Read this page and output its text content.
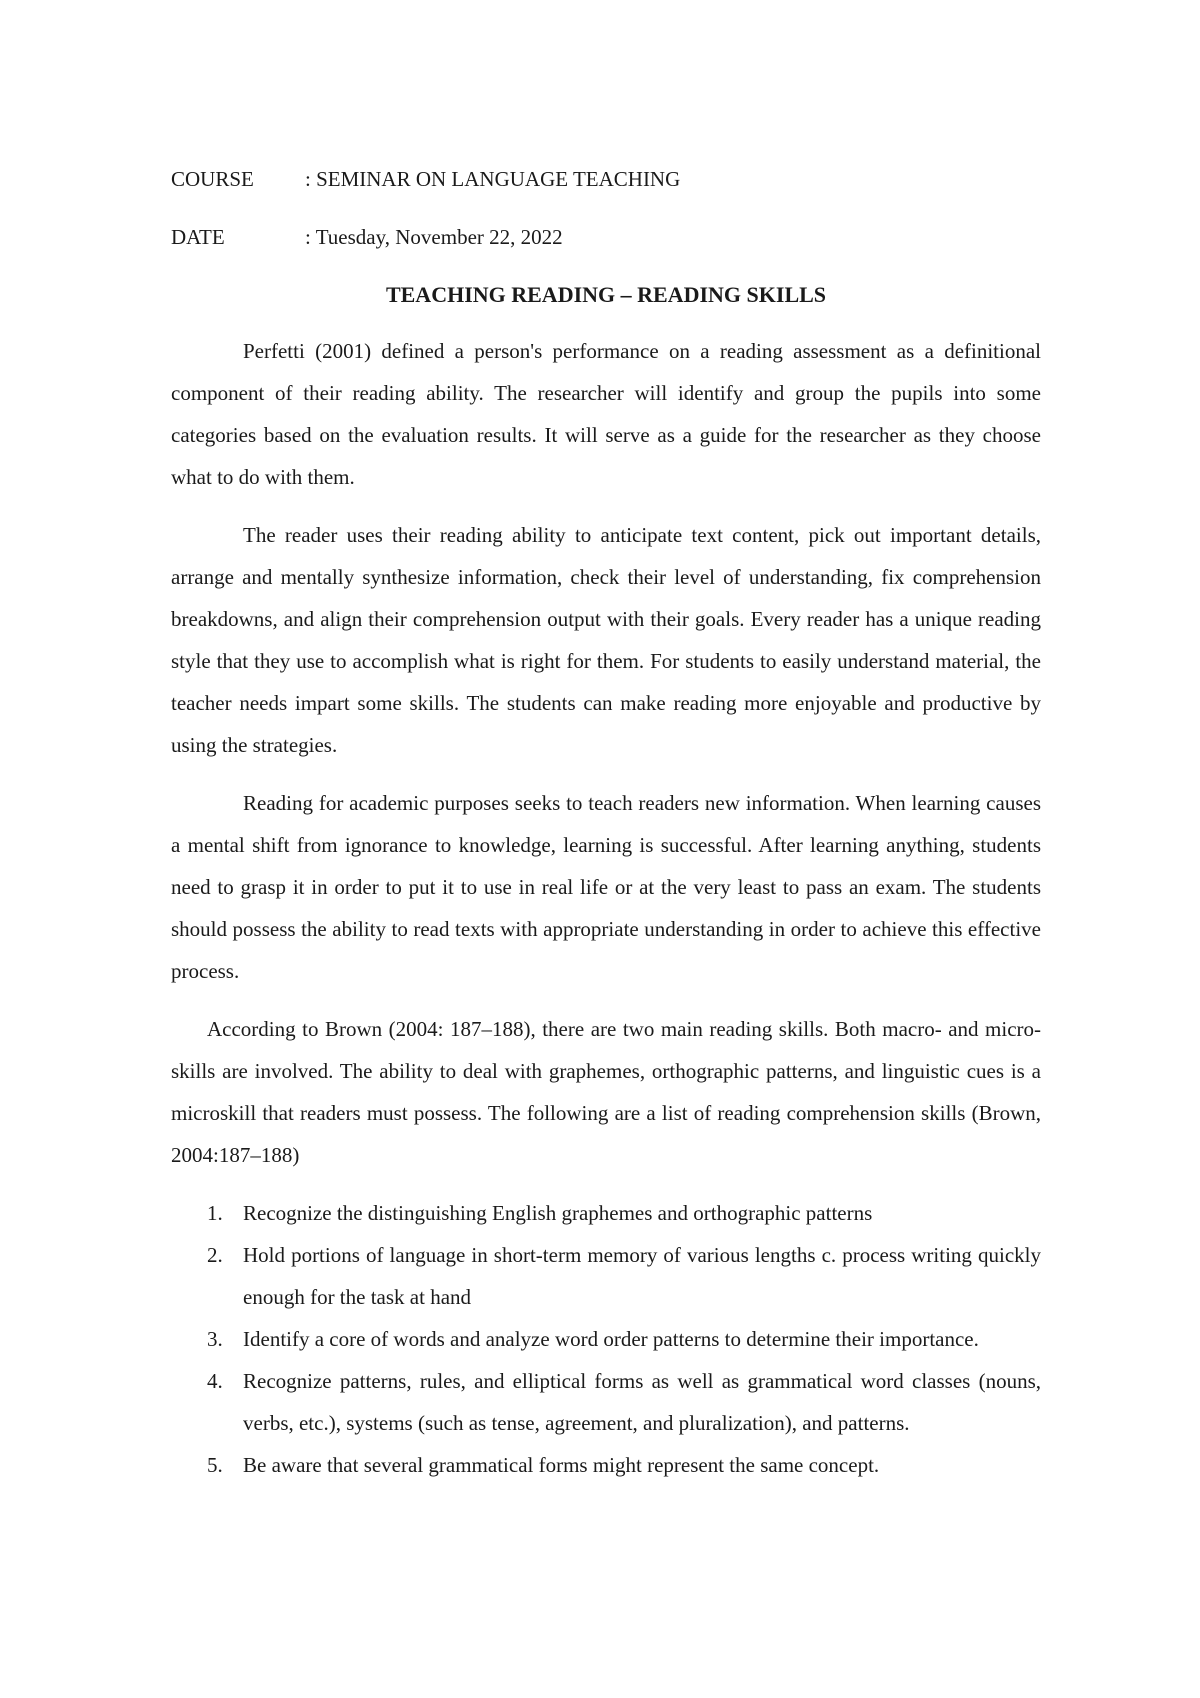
COURSE	: SEMINAR ON LANGUAGE TEACHING
DATE	: Tuesday, November 22, 2022
TEACHING READING – READING SKILLS

Perfetti (2001) defined a person's performance on a reading assessment as a definitional component of their reading ability. The researcher will identify and group the pupils into some categories based on the evaluation results. It will serve as a guide for the researcher as they choose what to do with them.

The reader uses their reading ability to anticipate text content, pick out important details, arrange and mentally synthesize information, check their level of understanding, fix comprehension breakdowns, and align their comprehension output with their goals. Every reader has a unique reading style that they use to accomplish what is right for them. For students to easily understand material, the teacher needs impart some skills. The students can make reading more enjoyable and productive by using the strategies.

Reading for academic purposes seeks to teach readers new information. When learning causes a mental shift from ignorance to knowledge, learning is successful. After learning anything, students need to grasp it in order to put it to use in real life or at the very least to pass an exam. The students should possess the ability to read texts with appropriate understanding in order to achieve this effective process.

According to Brown (2004: 187–188), there are two main reading skills. Both macro- and micro-skills are involved. The ability to deal with graphemes, orthographic patterns, and linguistic cues is a microskill that readers must possess. The following are a list of reading comprehension skills (Brown, 2004:187–188)

1. Recognize the distinguishing English graphemes and orthographic patterns
2. Hold portions of language in short-term memory of various lengths c. process writing quickly enough for the task at hand
3. Identify a core of words and analyze word order patterns to determine their importance.
4. Recognize patterns, rules, and elliptical forms as well as grammatical word classes (nouns, verbs, etc.), systems (such as tense, agreement, and pluralization), and patterns.
5. Be aware that several grammatical forms might represent the same concept.
